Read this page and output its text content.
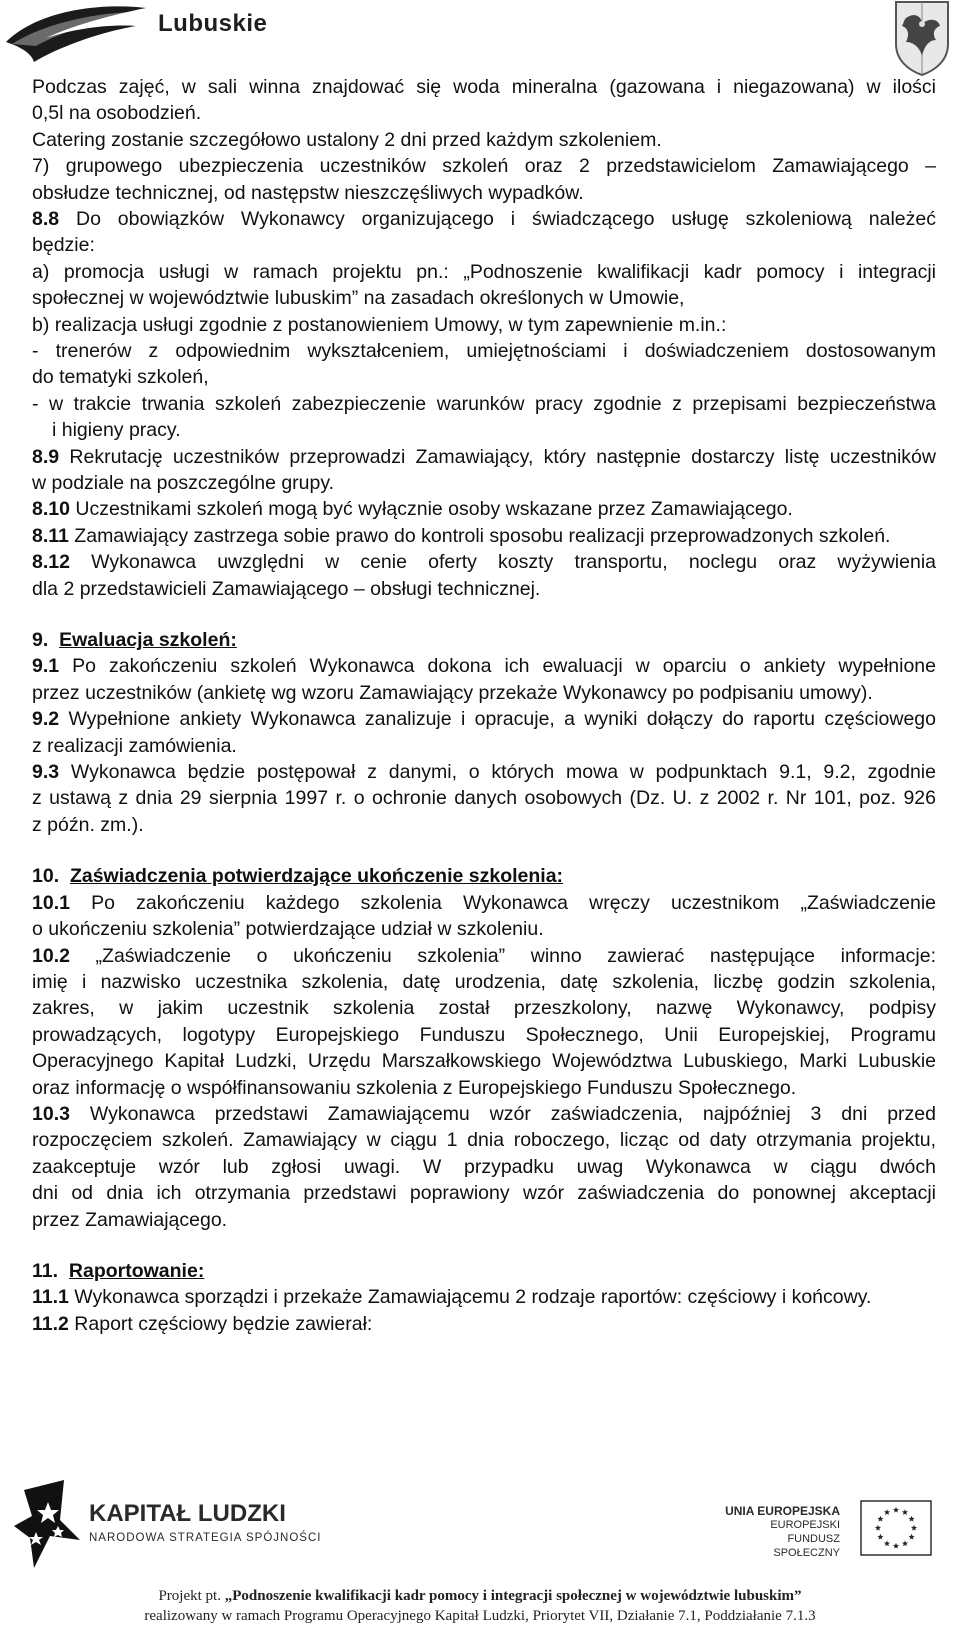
Lubuskie
Podczas zajęć, w sali winna znajdować się woda mineralna (gazowana i niegazowana) w ilości
0,5l na osobodzień.
Catering zostanie szczegółowo ustalony 2 dni przed każdym szkoleniem.
7) grupowego ubezpieczenia uczestników szkoleń oraz 2 przedstawicielom Zamawiającego –
obsłudze technicznej, od następstw nieszczęśliwych wypadków.
8.8 Do obowiązków Wykonawcy organizującego i świadczącego usługę szkoleniową należeć
będzie:
a) promocja usługi w ramach projektu pn.: „Podnoszenie kwalifikacji kadr pomocy i integracji
społecznej w województwie lubuskim” na zasadach określonych w Umowie,
b) realizacja usługi zgodnie z postanowieniem Umowy, w tym zapewnienie m.in.:
- trenerów z odpowiednim wykształceniem, umiejętnościami i doświadczeniem dostosowanym
do tematyki szkoleń,
- w trakcie trwania szkoleń zabezpieczenie warunków pracy zgodnie z przepisami bezpieczeństwa
i higieny pracy.
8.9 Rekrutację uczestników przeprowadzi Zamawiający, który następnie dostarczy listę uczestników
w podziale na poszczególne grupy.
8.10 Uczestnikami szkoleń mogą być wyłącznie osoby wskazane przez Zamawiającego.
8.11 Zamawiający zastrzega sobie prawo do kontroli sposobu realizacji przeprowadzonych szkoleń.
8.12 Wykonawca uwzględni w cenie oferty koszty transportu, noclegu oraz wyżywienia
dla 2 przedstawicieli Zamawiającego – obsługi technicznej.
9. Ewaluacja szkoleń:
9.1 Po zakończeniu szkoleń Wykonawca dokona ich ewaluacji w oparciu o ankiety wypełnione
przez uczestników (ankietę wg wzoru Zamawiający przekaże Wykonawcy po podpisaniu umowy).
9.2 Wypełnione ankiety Wykonawca zanalizuje i opracuje, a wyniki dołączy do raportu częściowego
z realizacji zamówienia.
9.3 Wykonawca będzie postępował z danymi, o których mowa w podpunktach 9.1, 9.2, zgodnie
z ustawą z dnia 29 sierpnia 1997 r. o ochronie danych osobowych (Dz. U. z 2002 r. Nr 101, poz. 926
z późn. zm.).
10. Zaświadczenia potwierdzające ukończenie szkolenia:
10.1 Po zakończeniu każdego szkolenia Wykonawca wręczy uczestnikom „Zaświadczenie
o ukończeniu szkolenia” potwierdzające udział w szkoleniu.
10.2 „Zaświadczenie o ukończeniu szkolenia” winno zawierać następujące informacje:
imię i nazwisko uczestnika szkolenia, datę urodzenia, datę szkolenia, liczbę godzin szkolenia,
zakres, w jakim uczestnik szkolenia został przeszkolony, nazwę Wykonawcy, podpisy
prowadzących, logotypy Europejskiego Funduszu Społecznego, Unii Europejskiej, Programu
Operacyjnego Kapitał Ludzki, Urzędu Marszałkowskiego Województwa Lubuskiego, Marki Lubuskie
oraz informację o współfinansowaniu szkolenia z Europejskiego Funduszu Społecznego.
10.3 Wykonawca przedstawi Zamawiającemu wzór zaświadczenia, najpóźniej 3 dni przed
rozpoczęciem szkoleń. Zamawiający w ciągu 1 dnia roboczego, licząc od daty otrzymania projektu,
zaakceptuje wzór lub zgłosi uwagi. W przypadku uwag Wykonawca w ciągu dwóch
dni od dnia ich otrzymania przedstawi poprawiony wzór zaświadczenia do ponownej akceptacji
przez Zamawiającego.
11. Raportowanie:
11.1 Wykonawca sporządzi i przekaże Zamawiającemu 2 rodzaje raportów: częściowy i końcowy.
11.2 Raport częściowy będzie zawierał:
KAPITAŁ LUDZKI
NARODOWA STRATEGIA SPÓJNOŚCI
UNIA EUROPEJSKA
EUROPEJSKI
FUNDUSZ SPOŁECZNY
Projekt pt. „Podnoszenie kwalifikacji kadr pomocy i integracji społecznej w województwie lubuskim”
realizowany w ramach Programu Operacyjnego Kapitał Ludzki, Priorytet VII, Działanie 7.1, Poddziałanie 7.1.3
